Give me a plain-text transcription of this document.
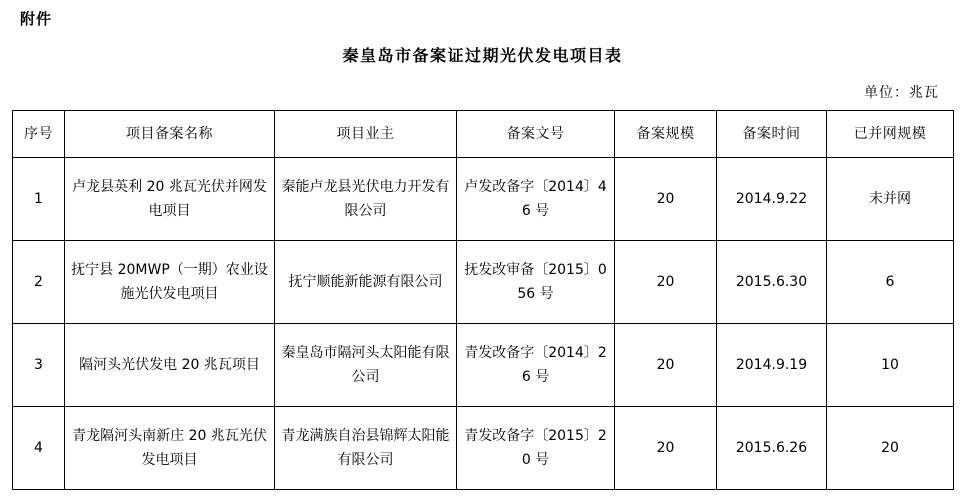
附件
秦皇岛市备案证过期光伏发电项目表
单位：兆瓦
序号	项目备案名称	项目业主	备案文号	备案规模	备案时间	已并网规模
1	卢龙县英利 20 兆瓦光伏并网发电项目	秦能卢龙县光伏电力开发有限公司	卢发改备字〔2014〕46 号	20	2014.9.22	未并网
2	抚宁县 20MWP（一期）农业设施光伏发电项目	抚宁顺能新能源有限公司	抚发改审备〔2015〕056 号	20	2015.6.30	6
3	隔河头光伏发电 20 兆瓦项目	秦皇岛市隔河头太阳能有限公司	青发改备字〔2014〕26 号	20	2014.9.19	10
4	青龙隔河头南新庄 20 兆瓦光伏发电项目	青龙满族自治县锦辉太阳能有限公司	青发改备字〔2015〕20 号	20	2015.6.26	20
